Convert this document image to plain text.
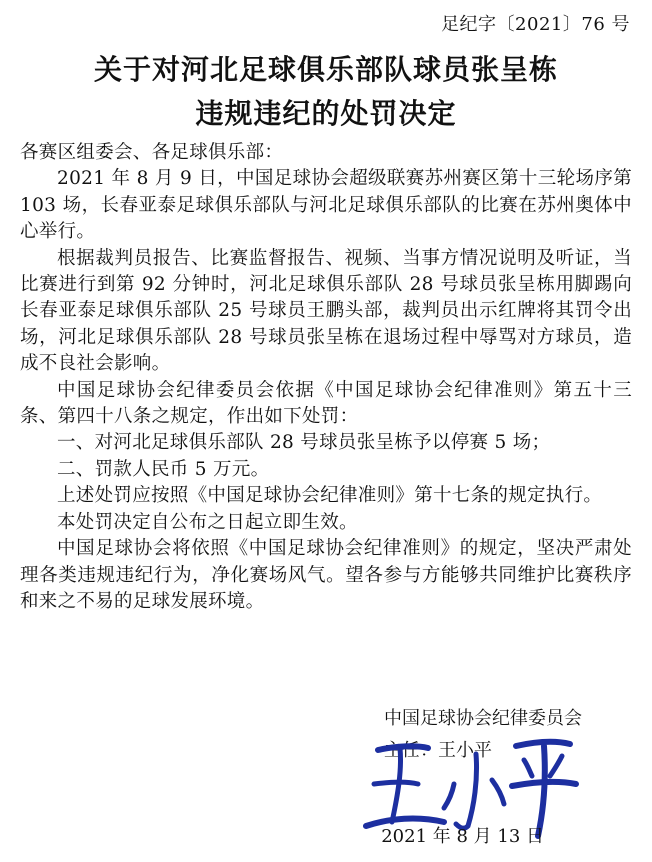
足纪字〔2021〕76 号
关于对河北足球俱乐部队球员张呈栋
违规违纪的处罚决定

各赛区组委会、各足球俱乐部：

2021 年 8 月 9 日，中国足球协会超级联赛苏州赛区第十三轮场序第 103 场，长春亚泰足球俱乐部队与河北足球俱乐部队的比赛在苏州奥体中心举行。

根据裁判员报告、比赛监督报告、视频、当事方情况说明及听证，当比赛进行到第 92 分钟时，河北足球俱乐部队 28 号球员张呈栋用脚踢向长春亚泰足球俱乐部队 25 号球员王鹏头部，裁判员出示红牌将其罚令出场，河北足球俱乐部队 28 号球员张呈栋在退场过程中辱骂对方球员，造成不良社会影响。

中国足球协会纪律委员会依据《中国足球协会纪律准则》第五十三条、第四十八条之规定，作出如下处罚：

一、对河北足球俱乐部队 28 号球员张呈栋予以停赛 5 场；

二、罚款人民币 5 万元。

上述处罚应按照《中国足球协会纪律准则》第十七条的规定执行。

本处罚决定自公布之日起立即生效。

中国足球协会将依照《中国足球协会纪律准则》的规定，坚决严肃处理各类违规违纪行为，净化赛场风气。望各参与方能够共同维护比赛秩序和来之不易的足球发展环境。

中国足球协会纪律委员会
主任：王小平
2021 年 8 月 13 日
